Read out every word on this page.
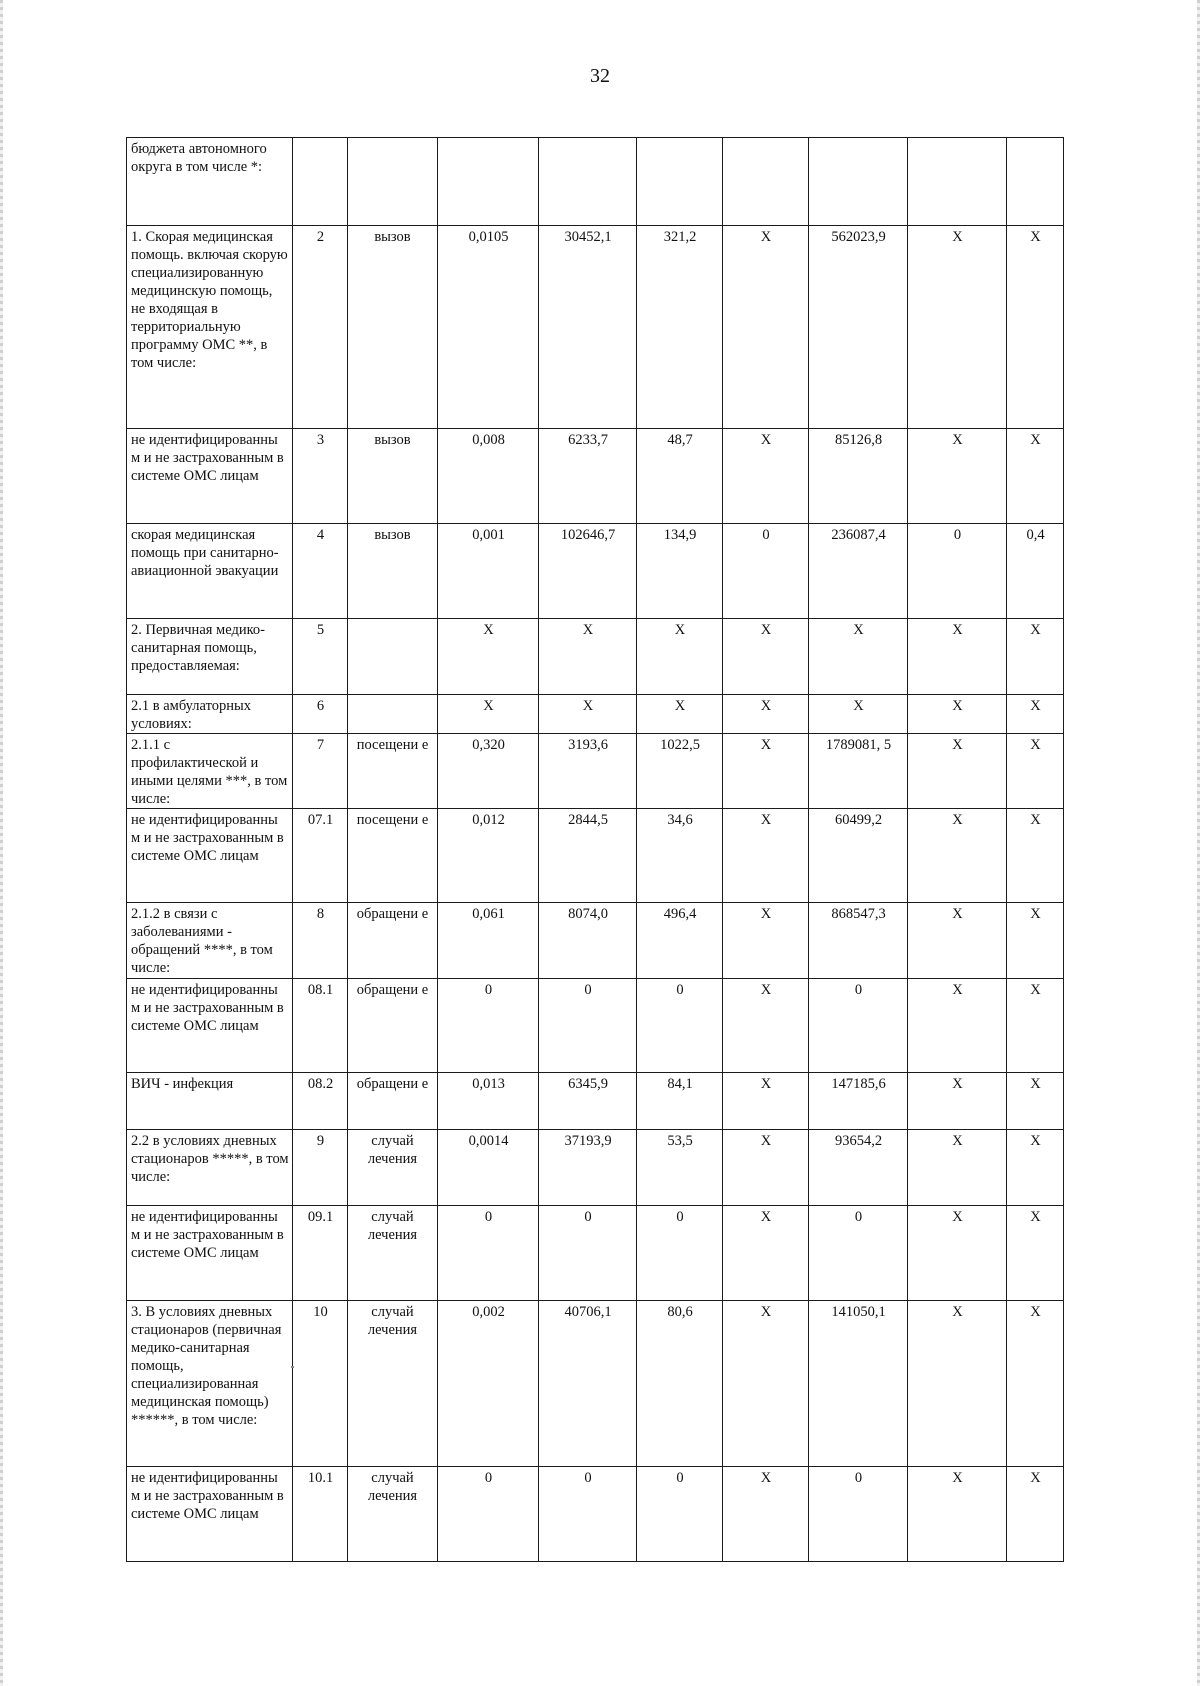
32
бюджета автономного округа в том числе *:									
1. Скорая медицинская помощь. включая скорую специализированную медицинскую помощь, не входящая в территориальную программу ОМС **, в том числе:	2	вызов	0,0105	30452,1	321,2	X	562023,9	X	X
не идентифицированны м и не застрахованным в системе ОМС лицам	3	вызов	0,008	6233,7	48,7	X	85126,8	X	X
скорая медицинская помощь при санитарно-авиационной эвакуации	4	вызов	0,001	102646,7	134,9	0	236087,4	0	0,4
2. Первичная медико-санитарная помощь, предоставляемая:	5		X	X	X	X	X	X	X
2.1 в амбулаторных условиях:	6		X	X	X	X	X	X	X
2.1.1 с профилактической и иными целями ***, в том числе:	7	посещени е	0,320	3193,6	1022,5	X	1789081, 5	X	X
не идентифицированны м и не застрахованным в системе ОМС лицам	07.1	посещени е	0,012	2844,5	34,6	X	60499,2	X	X
2.1.2 в связи с заболеваниями - обращений ****, в том числе:	8	обращени е	0,061	8074,0	496,4	X	868547,3	X	X
не идентифицированны м и не застрахованным в системе ОМС лицам	08.1	обращени е	0	0	0	X	0	X	X
ВИЧ - инфекция	08.2	обращени е	0,013	6345,9	84,1	X	147185,6	X	X
2.2 в условиях дневных стационаров *****, в том числе:	9	случай лечения	0,0014	37193,9	53,5	X	93654,2	X	X
не идентифицированны м и не застрахованным в системе ОМС лицам	09.1	случай лечения	0	0	0	X	0	X	X
3. В условиях дневных стационаров (первичная медико-санитарная помощь, специализированная медицинская помощь) ******, в том числе:	10	случай лечения	0,002	40706,1	80,6	X	141050,1	X	X
не идентифицированны м и не застрахованным в системе ОМС лицам	10.1	случай лечения	0	0	0	X	0	X	X
